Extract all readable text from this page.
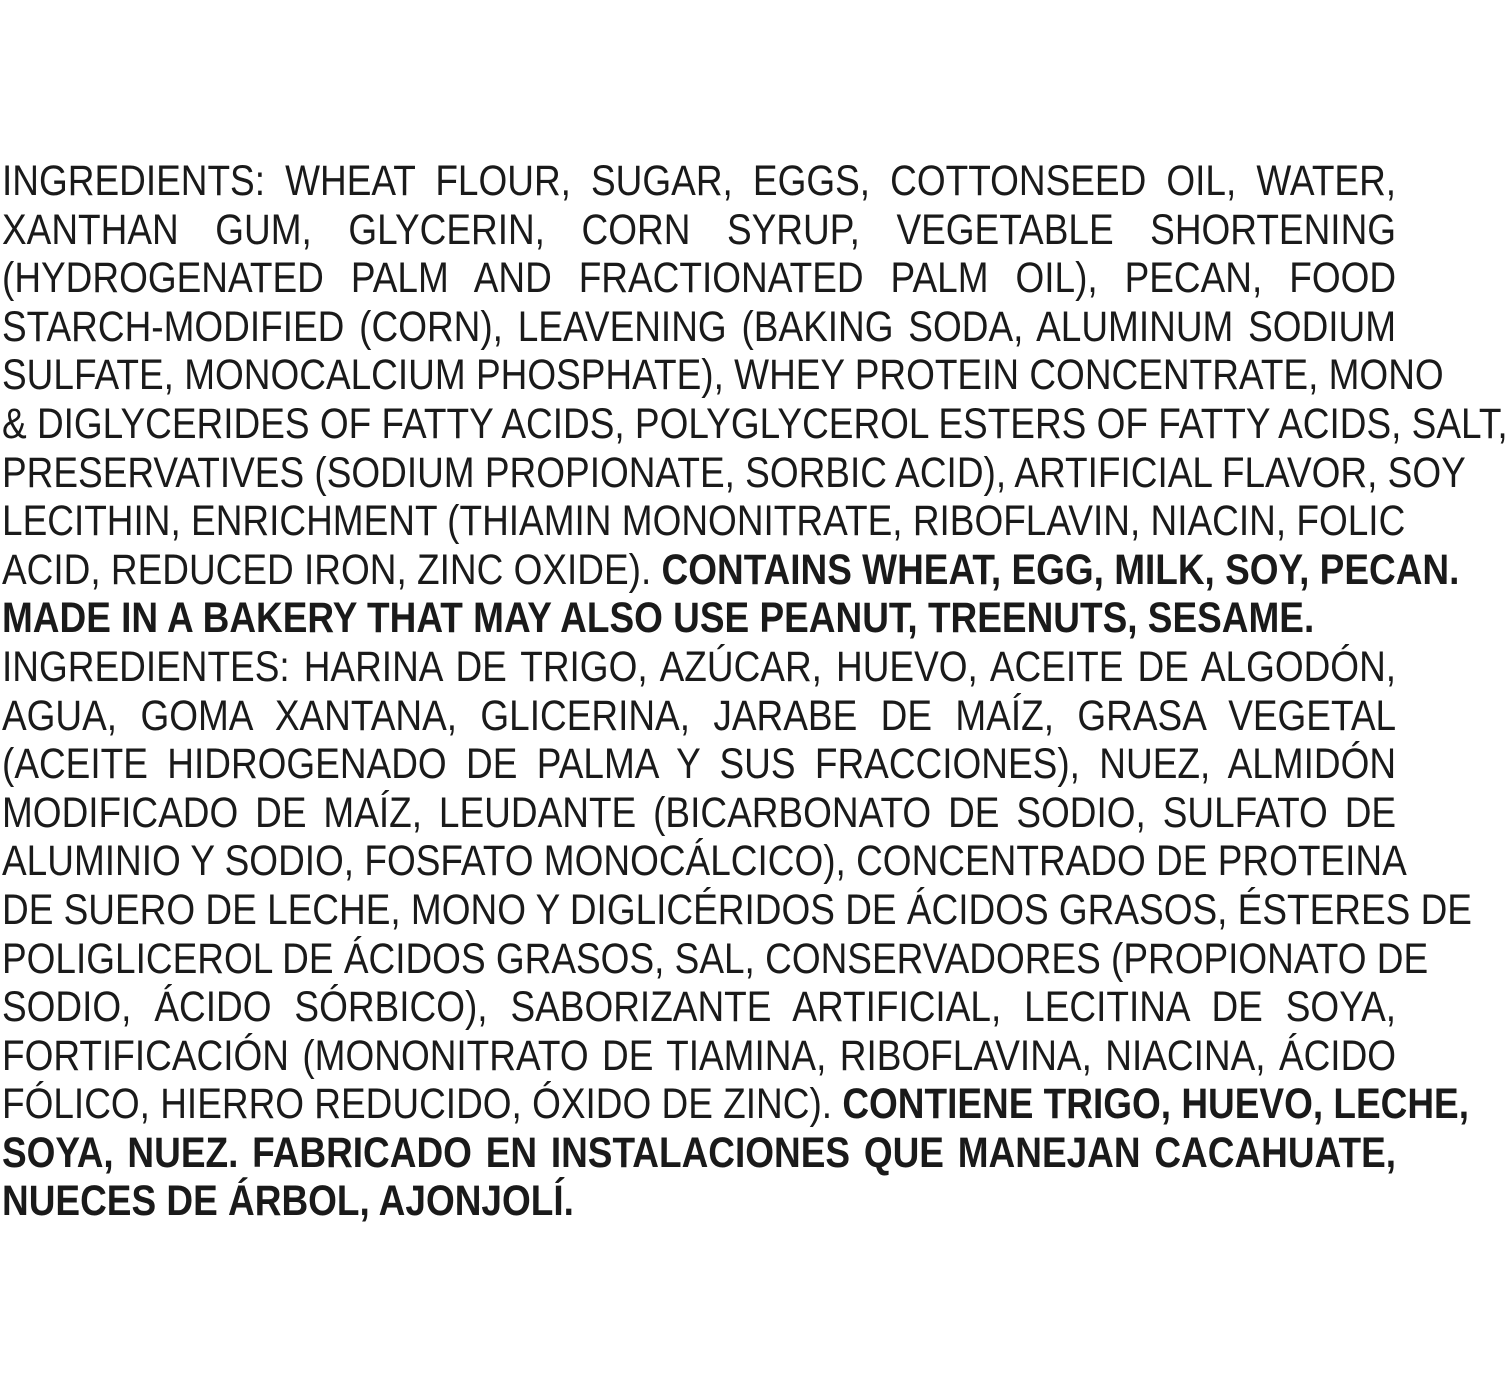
INGREDIENTS: WHEAT FLOUR, SUGAR, EGGS, COTTONSEED OIL, WATER,
XANTHAN GUM, GLYCERIN, CORN SYRUP, VEGETABLE SHORTENING
(HYDROGENATED PALM AND FRACTIONATED PALM OIL), PECAN, FOOD
STARCH-MODIFIED (CORN), LEAVENING (BAKING SODA, ALUMINUM SODIUM
SULFATE, MONOCALCIUM PHOSPHATE), WHEY PROTEIN CONCENTRATE, MONO
& DIGLYCERIDES OF FATTY ACIDS, POLYGLYCEROL ESTERS OF FATTY ACIDS, SALT,
PRESERVATIVES (SODIUM PROPIONATE, SORBIC ACID), ARTIFICIAL FLAVOR, SOY
LECITHIN, ENRICHMENT (THIAMIN MONONITRATE, RIBOFLAVIN, NIACIN, FOLIC
ACID, REDUCED IRON, ZINC OXIDE). CONTAINS WHEAT, EGG, MILK, SOY, PECAN.
MADE IN A BAKERY THAT MAY ALSO USE PEANUT, TREENUTS, SESAME.
INGREDIENTES: HARINA DE TRIGO, AZÚCAR, HUEVO, ACEITE DE ALGODÓN,
AGUA, GOMA XANTANA, GLICERINA, JARABE DE MAÍZ, GRASA VEGETAL
(ACEITE HIDROGENADO DE PALMA Y SUS FRACCIONES), NUEZ, ALMIDÓN
MODIFICADO DE MAÍZ, LEUDANTE (BICARBONATO DE SODIO, SULFATO DE
ALUMINIO Y SODIO, FOSFATO MONOCÁLCICO), CONCENTRADO DE PROTEINA
DE SUERO DE LECHE, MONO Y DIGLICÉRIDOS DE ÁCIDOS GRASOS, ÉSTERES DE
POLIGLICEROL DE ÁCIDOS GRASOS, SAL, CONSERVADORES (PROPIONATO DE
SODIO, ÁCIDO SÓRBICO), SABORIZANTE ARTIFICIAL, LECITINA DE SOYA,
FORTIFICACIÓN (MONONITRATO DE TIAMINA, RIBOFLAVINA, NIACINA, ÁCIDO
FÓLICO, HIERRO REDUCIDO, ÓXIDO DE ZINC). CONTIENE TRIGO, HUEVO, LECHE,
SOYA, NUEZ. FABRICADO EN INSTALACIONES QUE MANEJAN CACAHUATE,
NUECES DE ÁRBOL, AJONJOLÍ.
